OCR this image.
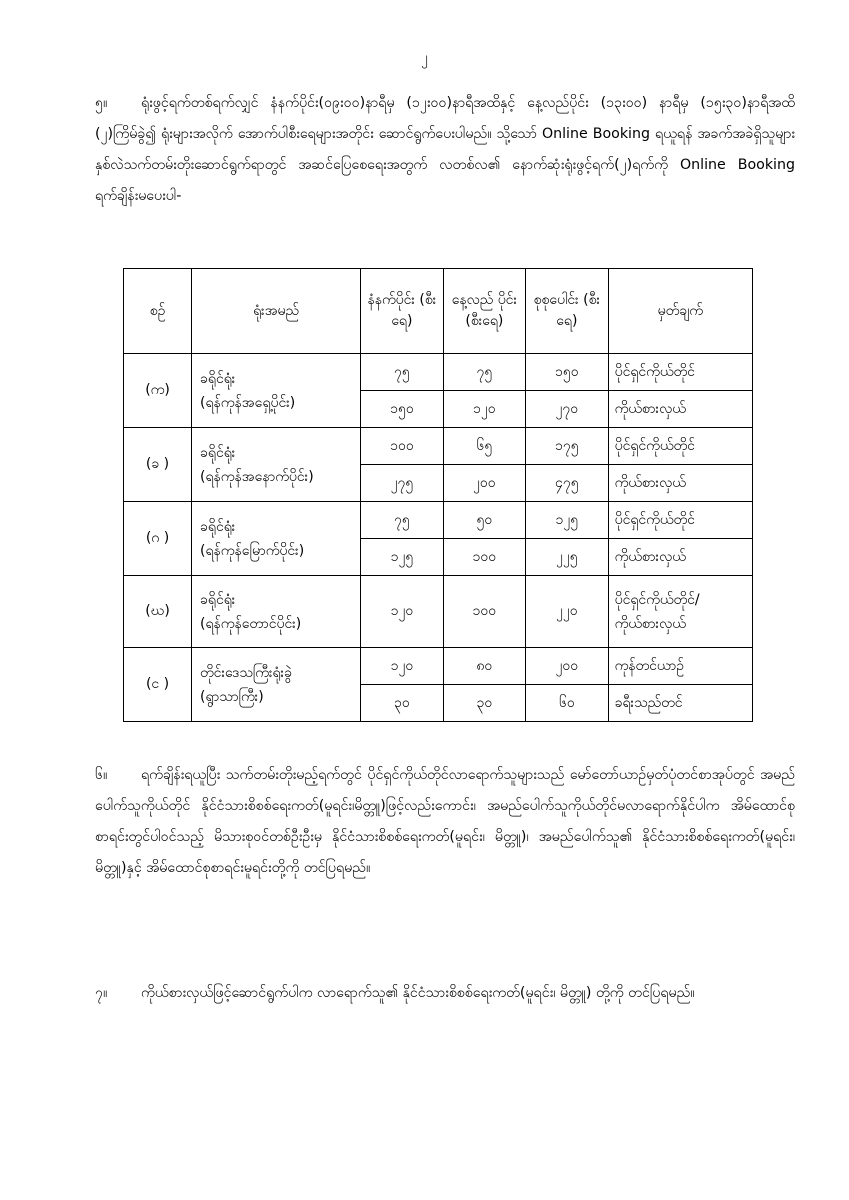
၂

၅။ ရုံးဖွင့်ရက်တစ်ရက်လျှင် နံနက်ပိုင်း(၀၉း၀၀)နာရီမှ (၁၂း၀၀)နာရီအထိနှင့် နေ့လည်ပိုင်း (၁၃း၀၀) နာရီမှ (၁၅း၃၀)နာရီအထိ (၂)ကြိမ်ခွဲ၍ ရုံးများအလိုက် အောက်ပါစီးရေများအတိုင်း ဆောင်ရွက်ပေးပါမည်။ သို့သော် Online Booking ရယူရန် အခက်အခဲရှိသူများ နှစ်လဲသက်တမ်းတိုးဆောင်ရွက်ရာတွင် အဆင်ပြေစေရေးအတွက် လတစ်လ၏ နောက်ဆုံးရုံးဖွင့်ရက်(၂)ရက်ကို Online Booking ရက်ချိန်းမပေးပါ-

စဉ်	ရုံးအမည်	နံနက်ပိုင်း (စီးရေ)	နေ့လည် ပိုင်း (စီးရေ)	စုစုပေါင်း (စီးရေ)	မှတ်ချက်
(က)	ခရိုင်ရုံး
(ရန်ကုန်အရှေ့ပိုင်း)	၇၅	၇၅	၁၅၀	ပိုင်ရှင်ကိုယ်တိုင်
		၁၅၀	၁၂၀	၂၇၀	ကိုယ်စားလှယ်
(ခ )	ခရိုင်ရုံး
(ရန်ကုန်အနောက်ပိုင်း)	၁၀၀	၆၅	၁၇၅	ပိုင်ရှင်ကိုယ်တိုင်
		၂၇၅	၂၀၀	၄၇၅	ကိုယ်စားလှယ်
(ဂ )	ခရိုင်ရုံး
(ရန်ကုန်မြောက်ပိုင်း)	၇၅	၅၀	၁၂၅	ပိုင်ရှင်ကိုယ်တိုင်
		၁၂၅	၁၀၀	၂၂၅	ကိုယ်စားလှယ်
(ဃ)	ခရိုင်ရုံး
(ရန်ကုန်တောင်ပိုင်း)	၁၂၀	၁၀၀	၂၂၀	ပိုင်ရှင်ကိုယ်တိုင်/
ကိုယ်စားလှယ်
(င )	တိုင်းဒေသကြီးရုံးခွဲ
(ရွာသာကြီး)	၁၂၀	၈၀	၂၀၀	ကုန်တင်ယာဉ်
		၃၀	၃၀	၆၀	ခရီးသည်တင်

၆။ ရက်ချိန်းရယူပြီး သက်တမ်းတိုးမည့်ရက်တွင် ပိုင်ရှင်ကိုယ်တိုင်လာရောက်သူများသည် မော်တော်ယာဉ်မှတ်ပုံတင်စာအုပ်တွင် အမည်ပေါက်သူကိုယ်တိုင် နိုင်ငံသားစိစစ်ရေးကတ်(မူရင်း၊မိတ္တူ)ဖြင့်လည်းကောင်း၊ အမည်ပေါက်သူကိုယ်တိုင်မလာရောက်နိုင်ပါက အိမ်ထောင်စုစာရင်းတွင်ပါဝင်သည့် မိသားစုဝင်တစ်ဦးဦးမှ နိုင်ငံသားစိစစ်ရေးကတ်(မူရင်း၊ မိတ္တူ)၊ အမည်ပေါက်သူ၏ နိုင်ငံသားစိစစ်ရေးကတ်(မူရင်း၊ မိတ္တူ)နှင့် အိမ်ထောင်စုစာရင်းမူရင်းတို့ကို တင်ပြရမည်။

၇။ ကိုယ်စားလှယ်ဖြင့်ဆောင်ရွက်ပါက လာရောက်သူ၏ နိုင်ငံသားစိစစ်ရေးကတ်(မူရင်း၊ မိတ္တူ) တို့ကို တင်ပြရမည်။
